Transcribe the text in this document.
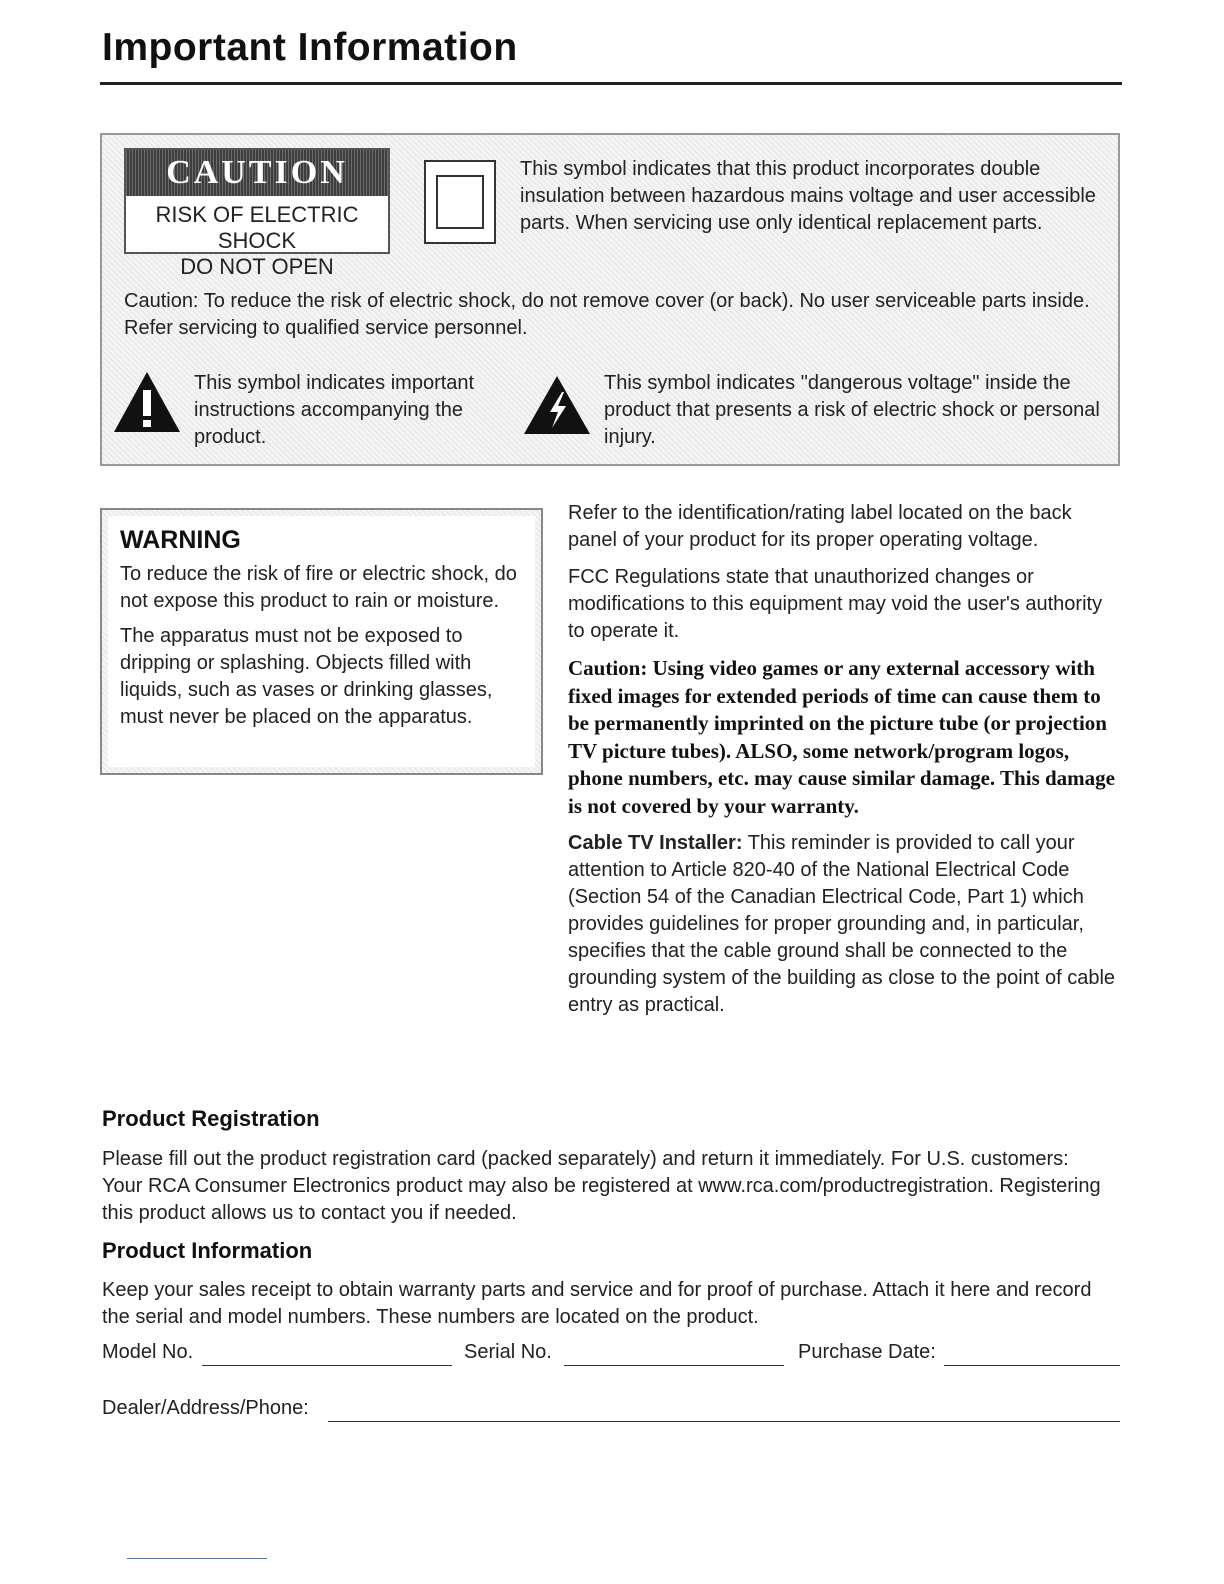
Important Information
CAUTION
RISK OF ELECTRIC SHOCK
DO NOT OPEN

This symbol indicates that this product incorporates double insulation between hazardous mains voltage and user accessible parts. When servicing use only identical replacement parts.

Caution: To reduce the risk of electric shock, do not remove cover (or back). No user serviceable parts inside. Refer servicing to qualified service personnel.

This symbol indicates important instructions accompanying the product.

This symbol indicates "dangerous voltage" inside the product that presents a risk of electric shock or personal injury.

WARNING

To reduce the risk of fire or electric shock, do not expose this product to rain or moisture.

The apparatus must not be exposed to dripping or splashing. Objects filled with liquids, such as vases or drinking glasses, must never be placed on the apparatus.

Refer to the identification/rating label located on the back panel of your product for its proper operating voltage.

FCC Regulations state that unauthorized changes or modifications to this equipment may void the user's authority to operate it.

Caution: Using video games or any external accessory with fixed images for extended periods of time can cause them to be permanently imprinted on the picture tube (or projection TV picture tubes). ALSO, some network/program logos, phone numbers, etc. may cause similar damage. This damage is not covered by your warranty.

Cable TV Installer: This reminder is provided to call your attention to Article 820-40 of the National Electrical Code (Section 54 of the Canadian Electrical Code, Part 1) which provides guidelines for proper grounding and, in particular, specifies that the cable ground shall be connected to the grounding system of the building as close to the point of cable entry as practical.

Product Registration

Please fill out the product registration card (packed separately) and return it immediately. For U.S. customers: Your RCA Consumer Electronics product may also be registered at www.rca.com/productregistration. Registering this product allows us to contact you if needed.

Product Information

Keep your sales receipt to obtain warranty parts and service and for proof of purchase. Attach it here and record the serial and model numbers. These numbers are located on the product.

Model No.	Serial No.	Purchase Date:
Dealer/Address/Phone:
